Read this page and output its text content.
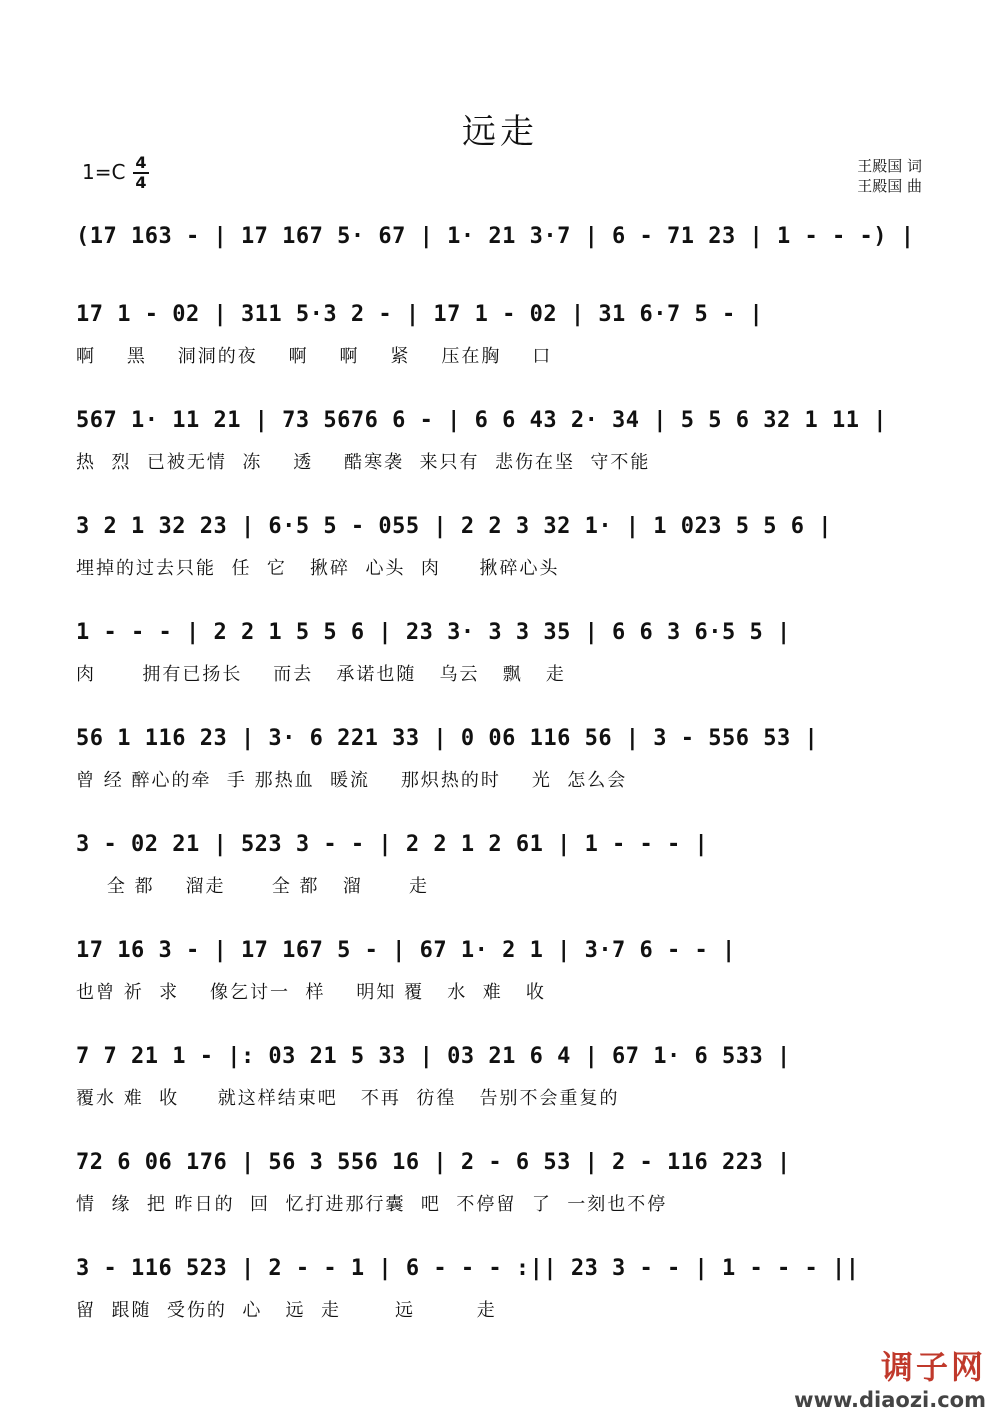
远走
1=C 4
4
王殿国 词
王殿国 曲
(17 163 - | 17 167 5· 67 | 1· 21 3·7 | 6 - 71 23 | 1 - - -) |
17 1 - 02 | 311 5·3 2 - | 17 1 - 02 | 31 6·7 5 - |
啊    黑    洞洞的夜    啊    啊    紧    压在胸    口
567 1· 11 21 | 73 5676 6 - | 6 6 43 2· 34 | 5 5 6 32 1 11 |
热  烈  已被无情  冻    透    酷寒袭  来只有  悲伤在坚  守不能
3 2 1 32 23 | 6·5 5 - 055 | 2 2 3 32 1· | 1 023 5 5 6 |
埋掉的过去只能  任  它   揪碎  心头  肉     揪碎心头
1 - - - | 2 2 1 5 5 6 | 23 3· 3 3 35 | 6 6 3 6·5 5 |
肉      拥有已扬长    而去   承诺也随   乌云   飘   走
56 1 116 23 | 3· 6 221 33 | 0 06 116 56 | 3 - 556 53 |
曾 经 醉心的牵  手 那热血  暖流    那炽热的时    光  怎么会
3 - 02 21 | 523 3 - - | 2 2 1 2 61 | 1 - - - |
全 都    溜走      全 都   溜      走
17 16 3 - | 17 167 5 - | 67 1· 2 1 | 3·7 6 - - |
也曾 祈  求    像乞讨一  样    明知 覆   水  难   收
7 7 21 1 - |: 03 21 5 33 | 03 21 6 4 | 67 1· 6 533 |
覆水 难  收     就这样结束吧   不再  彷徨   告别不会重复的
72 6 06 176 | 56 3 556 16 | 2 - 6 53 | 2 - 116 223 |
情  缘  把 昨日的  回  忆打进那行囊  吧  不停留  了  一刻也不停
3 - 116 523 | 2 - - 1 | 6 - - - :|| 23 3 - - | 1 - - - ||
留  跟随  受伤的  心   远  走       远        走
调子网
www.diaozi.com
